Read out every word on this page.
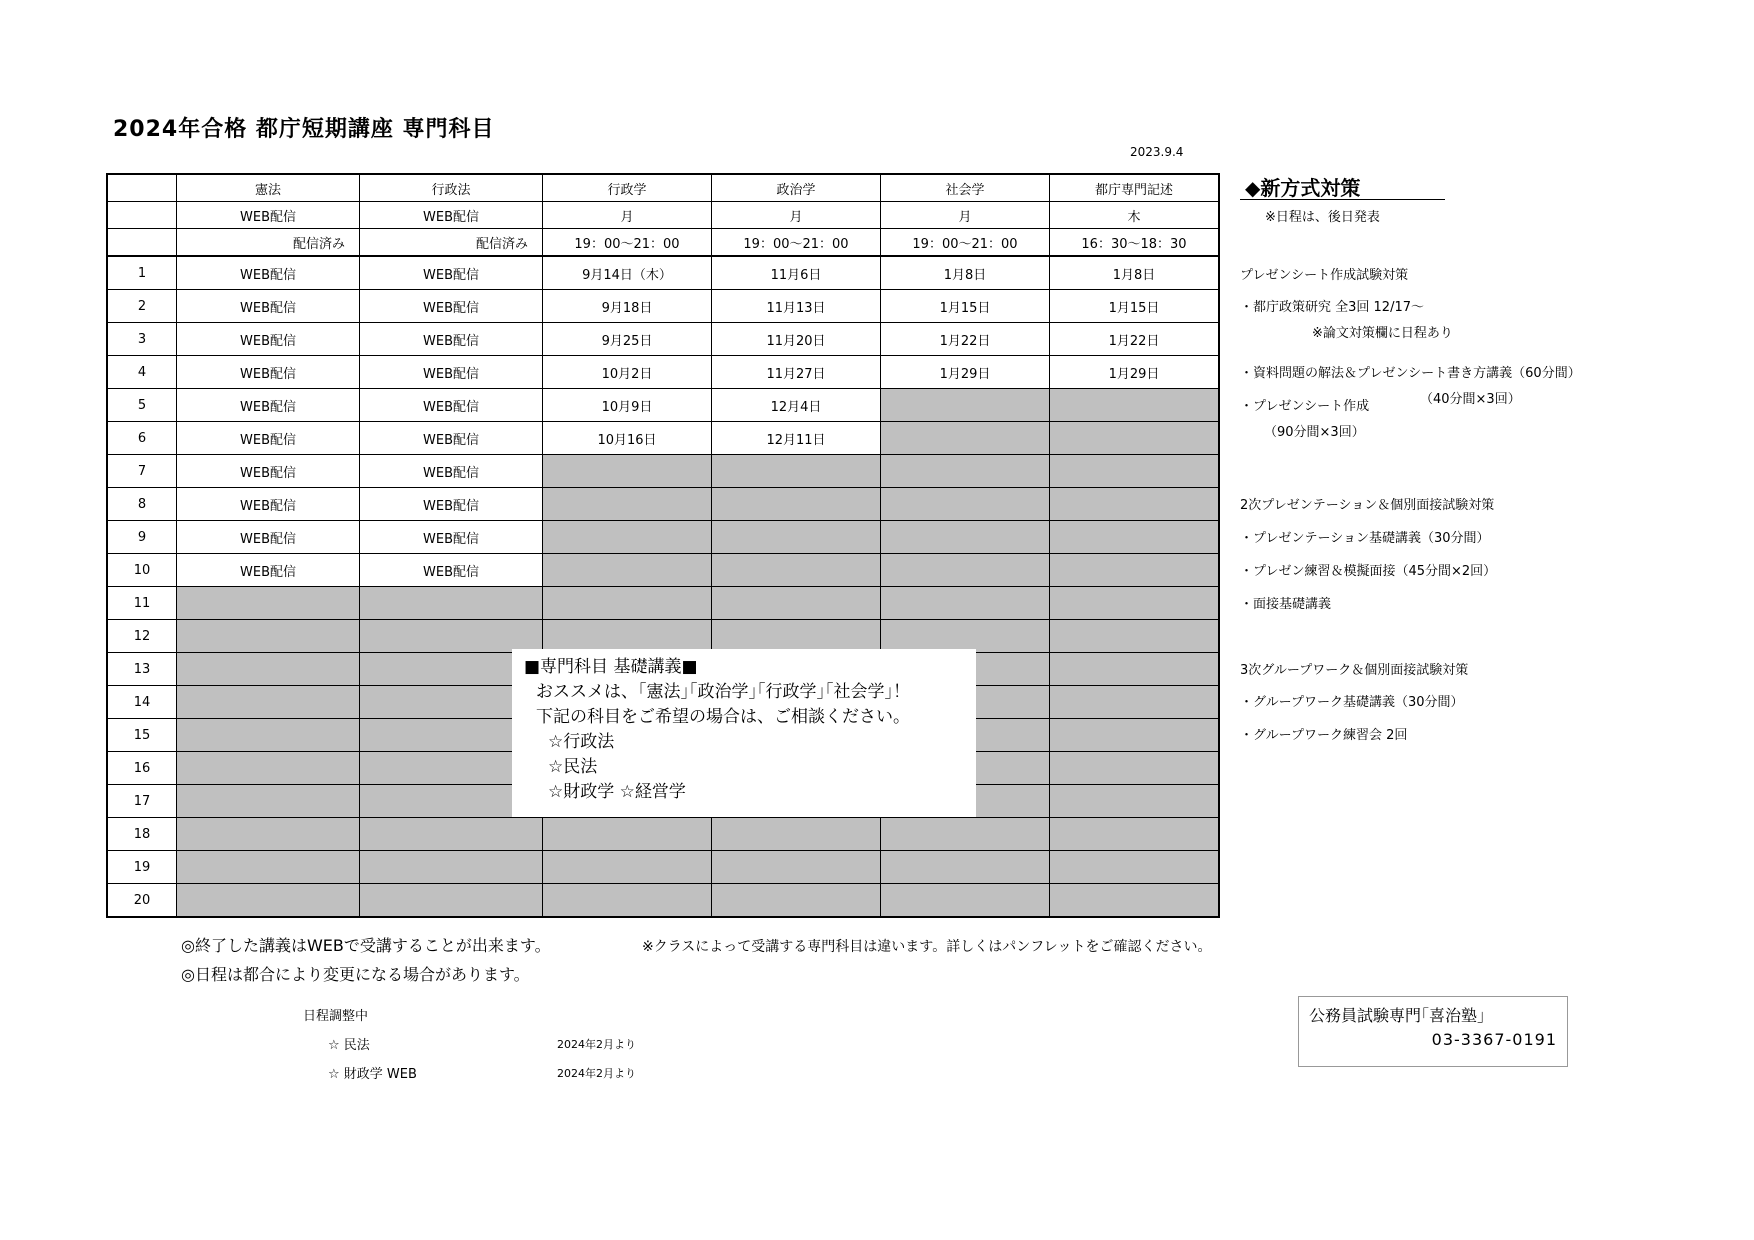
2024年合格 都庁短期講座 専門科目
2023.9.4
	憲法	行政法	行政学	政治学	社会学	都庁専門記述
	WEB配信	WEB配信	月	月	月	木
	配信済み	配信済み	19：00～21：00	19：00～21：00	19：00～21：00	16：30～18：30
1	WEB配信	WEB配信	9月14日（木）	11月6日	1月8日	1月8日
2	WEB配信	WEB配信	9月18日	11月13日	1月15日	1月15日
3	WEB配信	WEB配信	9月25日	11月20日	1月22日	1月22日
4	WEB配信	WEB配信	10月2日	11月27日	1月29日	1月29日
5	WEB配信	WEB配信	10月9日	12月4日		
6	WEB配信	WEB配信	10月16日	12月11日		
7	WEB配信	WEB配信				
8	WEB配信	WEB配信				
9	WEB配信	WEB配信				
10	WEB配信	WEB配信				
11						
12						
13						
14						
15						
16						
17						
18						
19						
20						
■専門科目 基礎講義■
おススメは、｢憲法｣｢政治学｣｢行政学｣｢社会学｣！
下記の科目をご希望の場合は、ご相談ください。
☆行政法
☆民法
☆財政学 ☆経営学
◆新方式対策
※日程は、後日発表
プレゼンシート作成試験対策
・都庁政策研究 全3回 12/17～
※論文対策欄に日程あり
・資料問題の解法＆プレゼンシート書き方講義（60分間）
・プレゼンシート作成	（40分間×3回）
（90分間×3回）
2次プレゼンテーション＆個別面接試験対策
・プレゼンテーション基礎講義（30分間）
・プレゼン練習＆模擬面接（45分間×2回）
・面接基礎講義
3次グループワーク＆個別面接試験対策
・グループワーク基礎講義（30分間）
・グループワーク練習会 2回
◎終了した講義はWEBで受講することが出来ます。	※クラスによって受講する専門科目は違います。詳しくはパンフレットをご確認ください。
◎日程は都合により変更になる場合があります。
日程調整中
☆ 民法	2024年2月より
☆ 財政学 WEB	2024年2月より
公務員試験専門｢喜治塾｣
03-3367-0191
